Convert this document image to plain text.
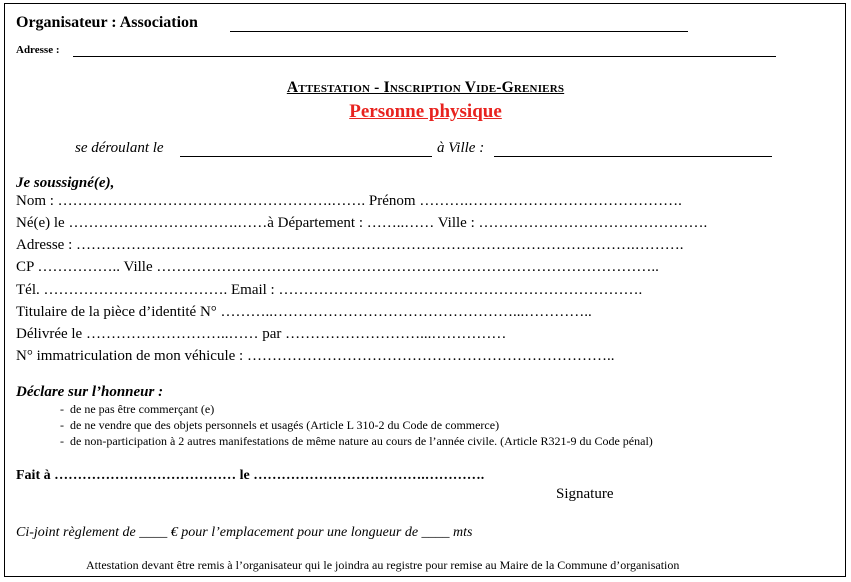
Organisateur : Association
Adresse :
Attestation - Inscription Vide-Greniers
Personne physique
se déroulant le	à Ville :
Je soussigné(e),
Nom : ……………………………………………….……. Prénom ……….…………………………………….
Né(e) le …………………………….……à Département : ……..…… Ville : ……………………………………….
Adresse : ………………………………………………………………………………………………….……….
CP …………….. Ville ………………………………………………………………………………………..
Tél. ………………………………. Email : ……………………………………………………………….
Titulaire de la pièce d’identité N° ………..…………………………………………...…………..
Délivrée le ………………………..…… par ………………………...……………
N° immatriculation de mon véhicule : ………………………………………………………………..
Déclare sur l’honneur :
-  de ne pas être commerçant (e)
-  de ne vendre que des objets personnels et usagés (Article L 310-2 du Code de commerce)
-  de non-participation à 2 autres manifestations de même nature au cours de l’année civile. (Article R321-9 du Code pénal)
Fait à ………………………………… le ……………………………….………….
Signature
Ci-joint règlement de ____ € pour l’emplacement pour une longueur de ____ mts
Attestation devant être remis à l’organisateur qui le joindra au registre pour remise au Maire de la Commune d’organisation
